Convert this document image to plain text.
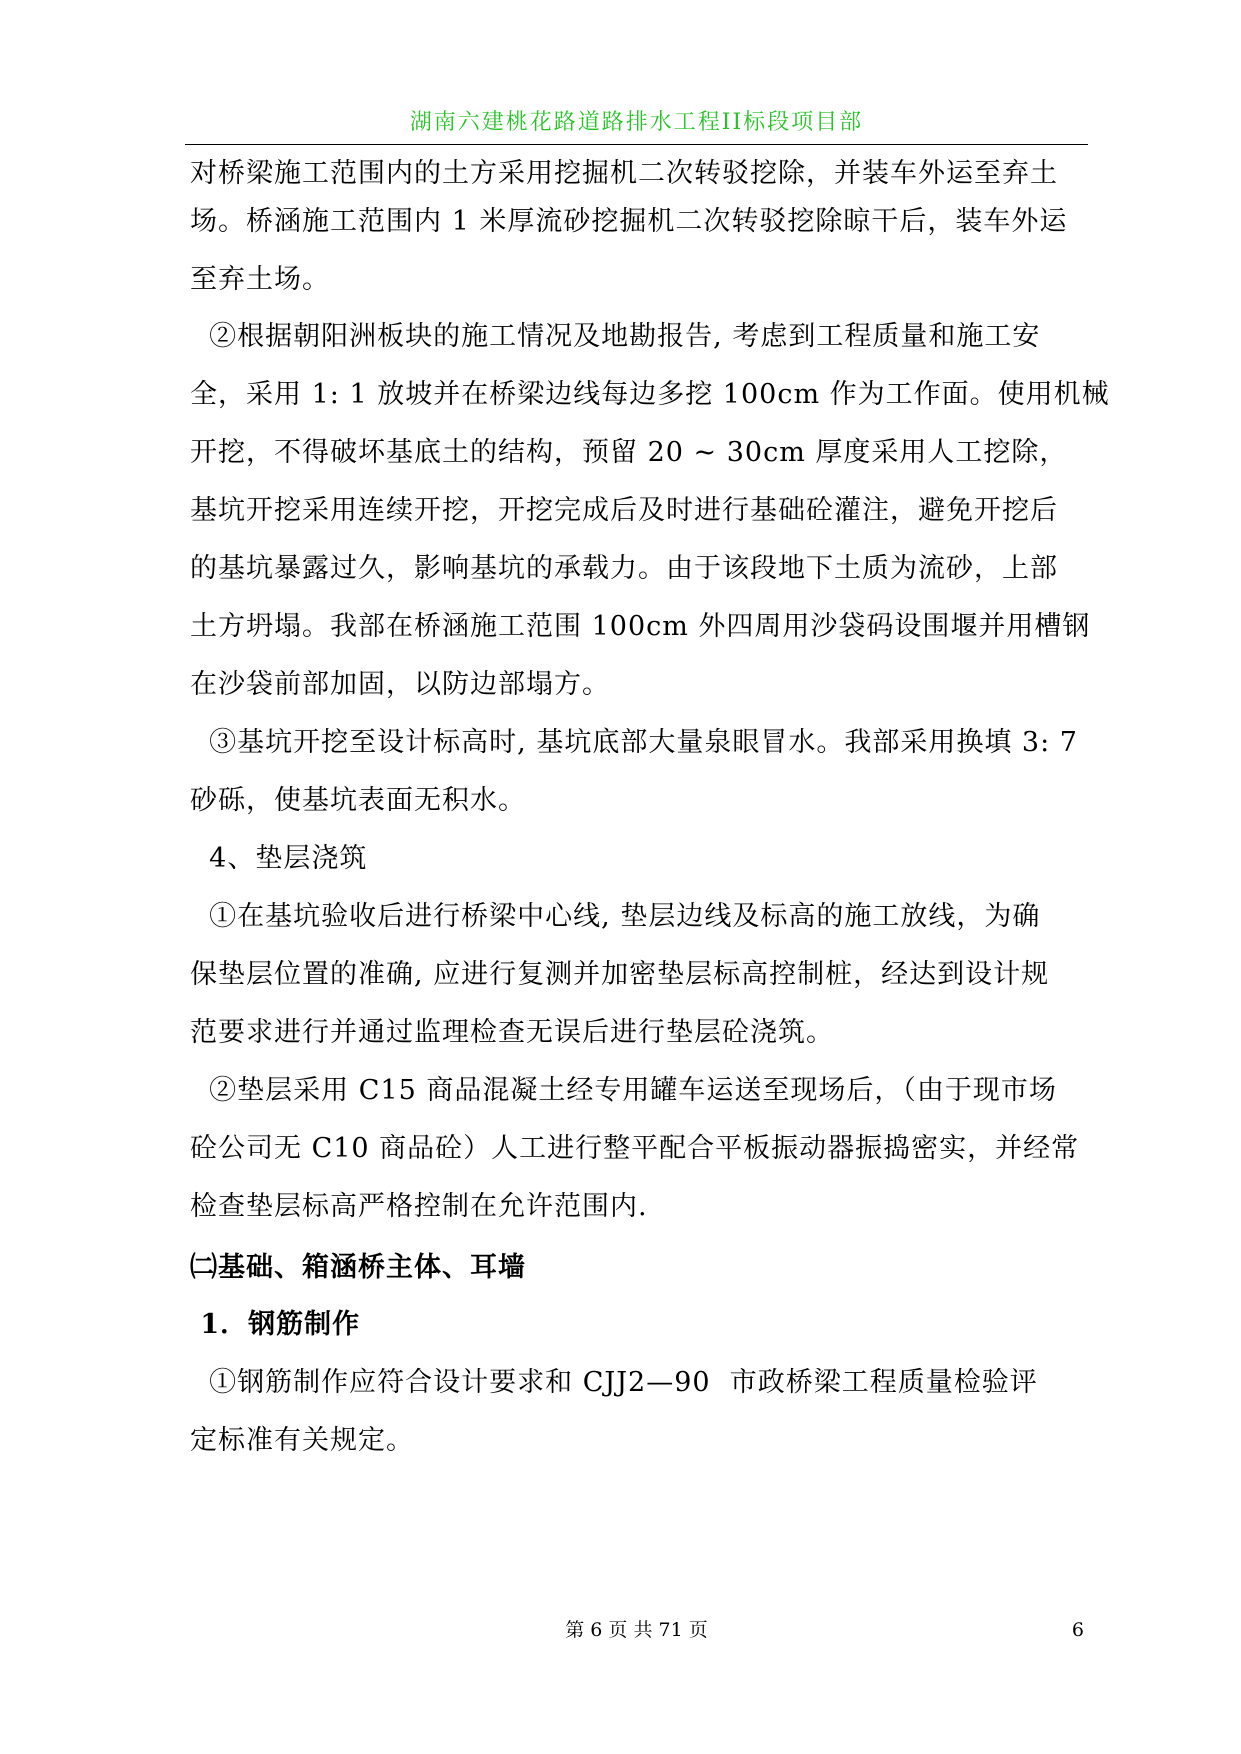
湖南六建桃花路道路排水工程II标段项目部

对桥梁施工范围内的土方采用挖掘机二次转驳挖除，并装车外运至弃土

场。桥涵施工范围内 1 米厚流砂挖掘机二次转驳挖除晾干后，装车外运

至弃土场。

②根据朝阳洲板块的施工情况及地勘报告, 考虑到工程质量和施工安

全，采用 1: 1 放坡并在桥梁边线每边多挖 100cm 作为工作面。使用机械

开挖，不得破坏基底土的结构，预留 20 ~ 30cm 厚度采用人工挖除，

基坑开挖采用连续开挖，开挖完成后及时进行基础砼灌注，避免开挖后

的基坑暴露过久，影响基坑的承载力。由于该段地下土质为流砂，上部

土方坍塌。我部在桥涵施工范围 100cm 外四周用沙袋码设围堰并用槽钢

在沙袋前部加固，以防边部塌方。

③基坑开挖至设计标高时, 基坑底部大量泉眼冒水。我部采用换填 3: 7

砂砾，使基坑表面无积水。

4、垫层浇筑

①在基坑验收后进行桥梁中心线, 垫层边线及标高的施工放线，为确

保垫层位置的准确, 应进行复测并加密垫层标高控制桩，经达到设计规

范要求进行并通过监理检查无误后进行垫层砼浇筑。

②垫层采用 C15 商品混凝土经专用罐车运送至现场后，（由于现市场

砼公司无 C10 商品砼）人工进行整平配合平板振动器振捣密实，并经常

检查垫层标高严格控制在允许范围内.

㈡基础、箱涵桥主体、耳墙

1．钢筋制作

①钢筋制作应符合设计要求和 CJJ2—90  市政桥梁工程质量检验评

定标准有关规定。

第 6 页 共 71 页	6
